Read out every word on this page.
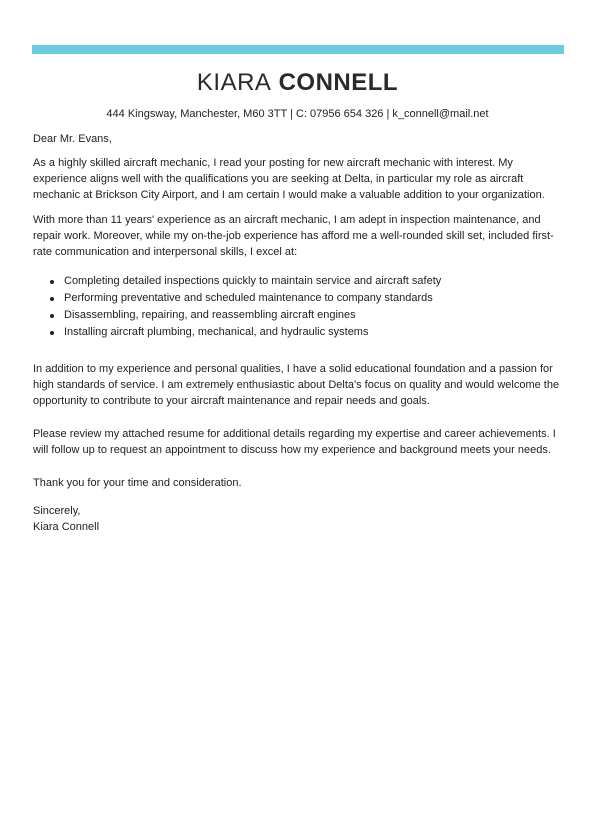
KIARA CONNELL
444 Kingsway, Manchester, M60 3TT | C: 07956 654 326 | k_connell@mail.net

Dear Mr. Evans,

As a highly skilled aircraft mechanic, I read your posting for new aircraft mechanic with interest. My experience aligns well with the qualifications you are seeking at Delta, in particular my role as aircraft mechanic at Brickson City Airport, and I am certain I would make a valuable addition to your organization.

With more than 11 years' experience as an aircraft mechanic, I am adept in inspection maintenance, and repair work. Moreover, while my on-the-job experience has afford me a well-rounded skill set, included first-rate communication and interpersonal skills, I excel at:

Completing detailed inspections quickly to maintain service and aircraft safety
Performing preventative and scheduled maintenance to company standards
Disassembling, repairing, and reassembling aircraft engines
Installing aircraft plumbing, mechanical, and hydraulic systems

In addition to my experience and personal qualities, I have a solid educational foundation and a passion for high standards of service. I am extremely enthusiastic about Delta's focus on quality and would welcome the opportunity to contribute to your aircraft maintenance and repair needs and goals.

Please review my attached resume for additional details regarding my expertise and career achievements. I will follow up to request an appointment to discuss how my experience and background meets your needs.

Thank you for your time and consideration.

Sincerely,

Kiara Connell
